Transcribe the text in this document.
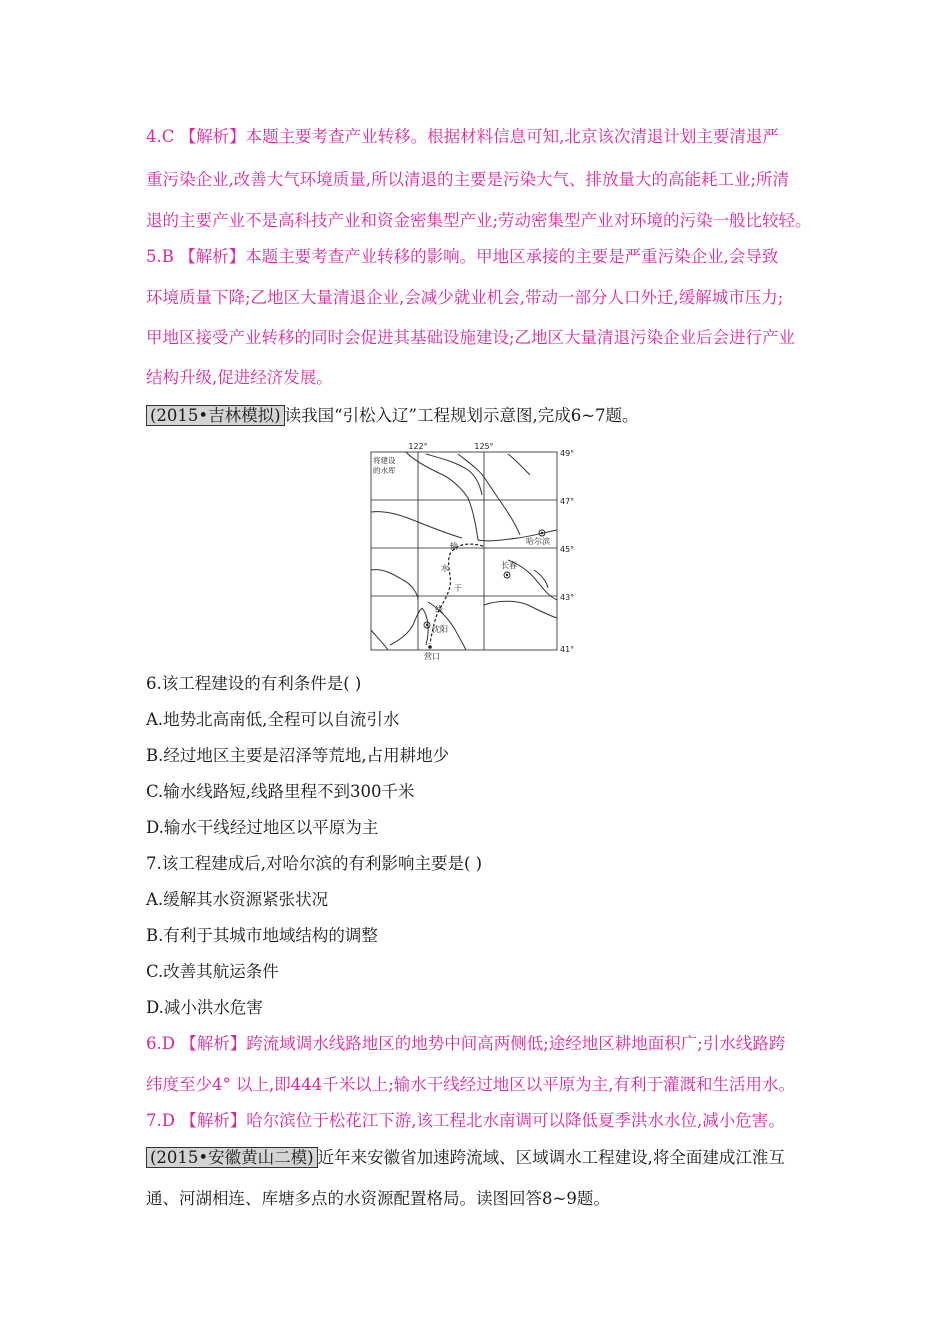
4.C 【解析】本题主要考查产业转移。根据材料信息可知,北京该次清退计划主要清退严
重污染企业,改善大气环境质量,所以清退的主要是污染大气、排放量大的高能耗工业;所清
退的主要产业不是高科技产业和资金密集型产业;劳动密集型产业对环境的污染一般比较轻。
5.B 【解析】本题主要考查产业转移的影响。甲地区承接的主要是严重污染企业,会导致
环境质量下降;乙地区大量清退企业,会减少就业机会,带动一部分人口外迁,缓解城市压力;
甲地区接受产业转移的同时会促进其基础设施建设;乙地区大量清退污染企业后会进行产业
结构升级,促进经济发展。
(2015•吉林模拟) 读我国“引松入辽”工程规划示意图,完成6~7题。
122°	125°
49°
47°
45°
43°
41°
将建设
的水库
哈尔滨
长春
沈阳
营口
输
水
干
线
6.该工程建设的有利条件是( )
A.地势北高南低,全程可以自流引水
B.经过地区主要是沼泽等荒地,占用耕地少
C.输水线路短,线路里程不到300千米
D.输水干线经过地区以平原为主
7.该工程建成后,对哈尔滨的有利影响主要是( )
A.缓解其水资源紧张状况
B.有利于其城市地域结构的调整
C.改善其航运条件
D.减小洪水危害
6.D 【解析】跨流域调水线路地区的地势中间高两侧低;途经地区耕地面积广;引水线路跨
纬度至少4° 以上,即444千米以上;输水干线经过地区以平原为主,有利于灌溉和生活用水。
7.D 【解析】哈尔滨位于松花江下游,该工程北水南调可以降低夏季洪水水位,减小危害。
(2015•安徽黄山二模) 近年来安徽省加速跨流域、区域调水工程建设,将全面建成江淮互
通、河湖相连、库塘多点的水资源配置格局。读图回答8~9题。
